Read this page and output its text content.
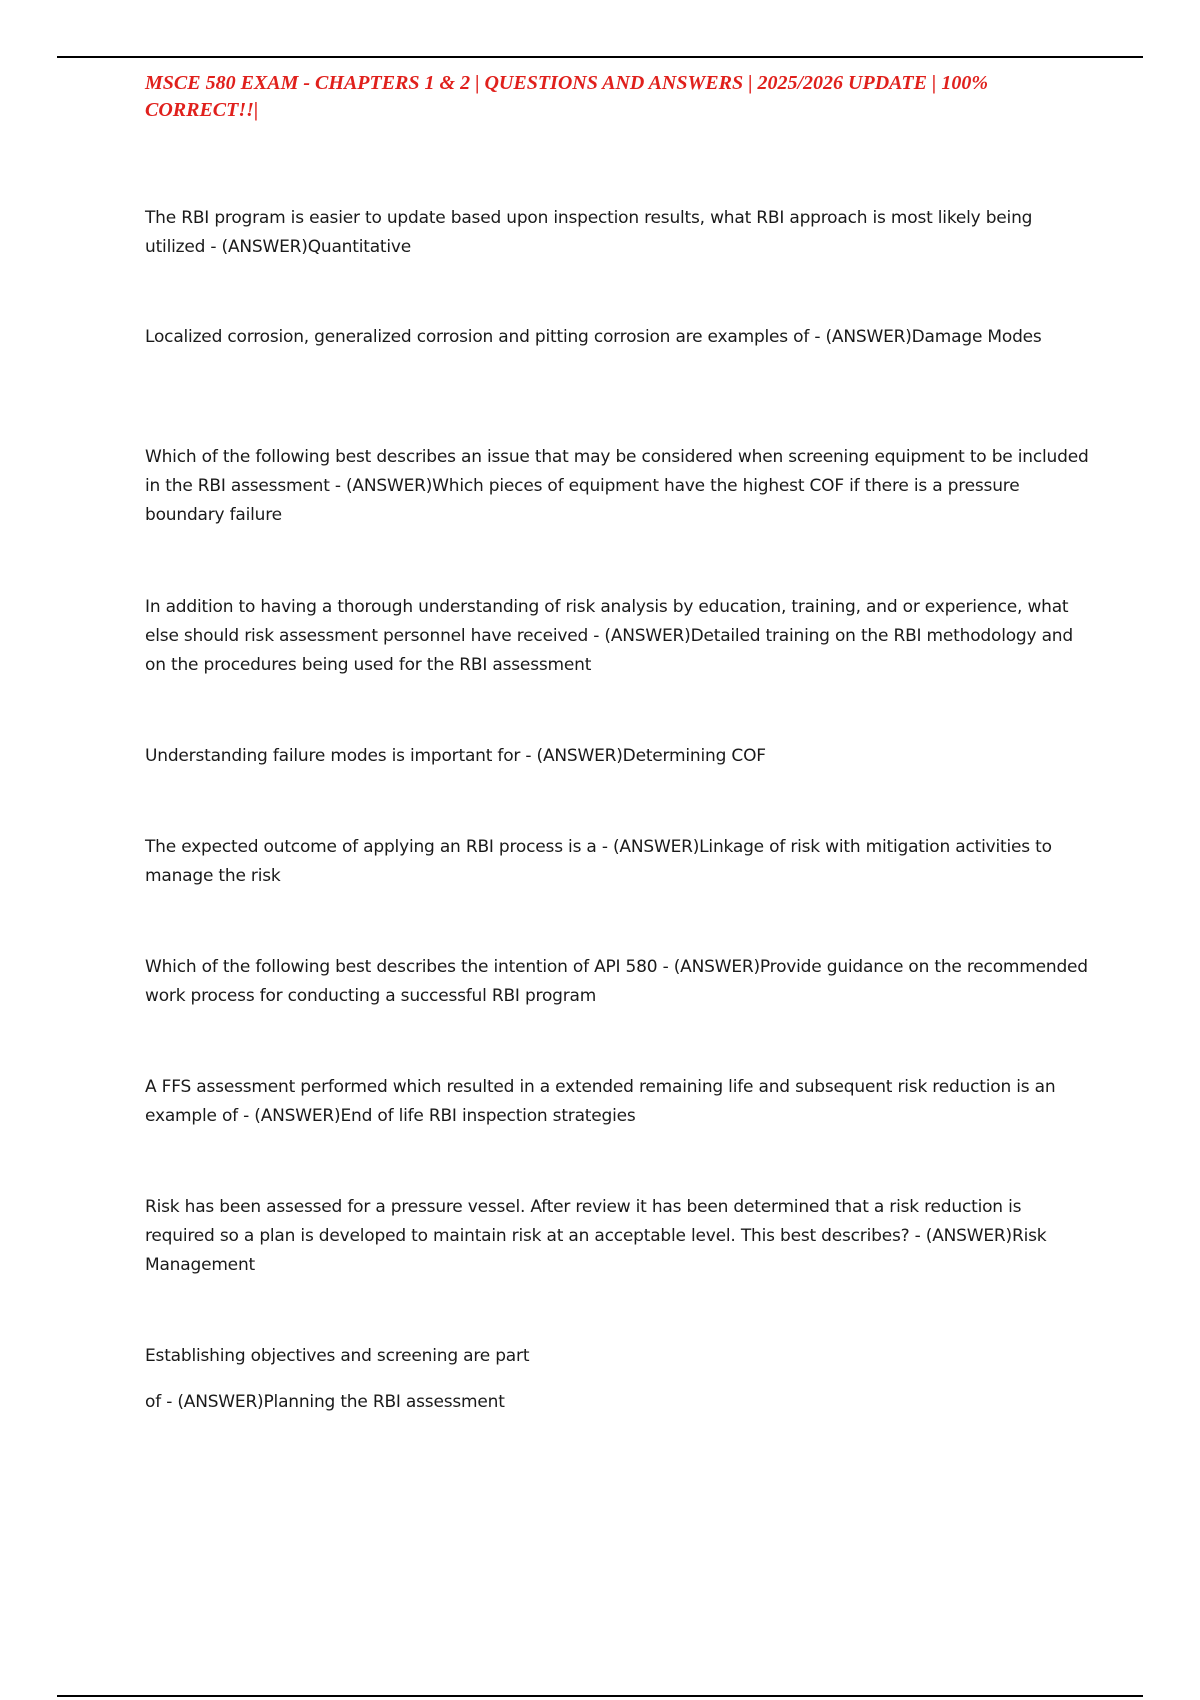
MSCE 580 EXAM - CHAPTERS 1 & 2 | QUESTIONS AND ANSWERS | 2025/2026 UPDATE | 100% CORRECT!!|

The RBI program is easier to update based upon inspection results, what RBI approach is most likely being utilized - (ANSWER)Quantitative

Localized corrosion, generalized corrosion and pitting corrosion are examples of - (ANSWER)Damage Modes

Which of the following best describes an issue that may be considered when screening equipment to be included in the RBI assessment - (ANSWER)Which pieces of equipment have the highest COF if there is a pressure boundary failure

In addition to having a thorough understanding of risk analysis by education, training, and or experience, what else should risk assessment personnel have received - (ANSWER)Detailed training on the RBI methodology and on the procedures being used for the RBI assessment

Understanding failure modes is important for - (ANSWER)Determining COF

The expected outcome of applying an RBI process is a - (ANSWER)Linkage of risk with mitigation activities to manage the risk

Which of the following best describes the intention of API 580 - (ANSWER)Provide guidance on the recommended work process for conducting a successful RBI program

A FFS assessment performed which resulted in a extended remaining life and subsequent risk reduction is an example of - (ANSWER)End of life RBI inspection strategies

Risk has been assessed for a pressure vessel. After review it has been determined that a risk reduction is required so a plan is developed to maintain risk at an acceptable level. This best describes? - (ANSWER)Risk Management

Establishing objectives and screening are part

of - (ANSWER)Planning the RBI assessment
